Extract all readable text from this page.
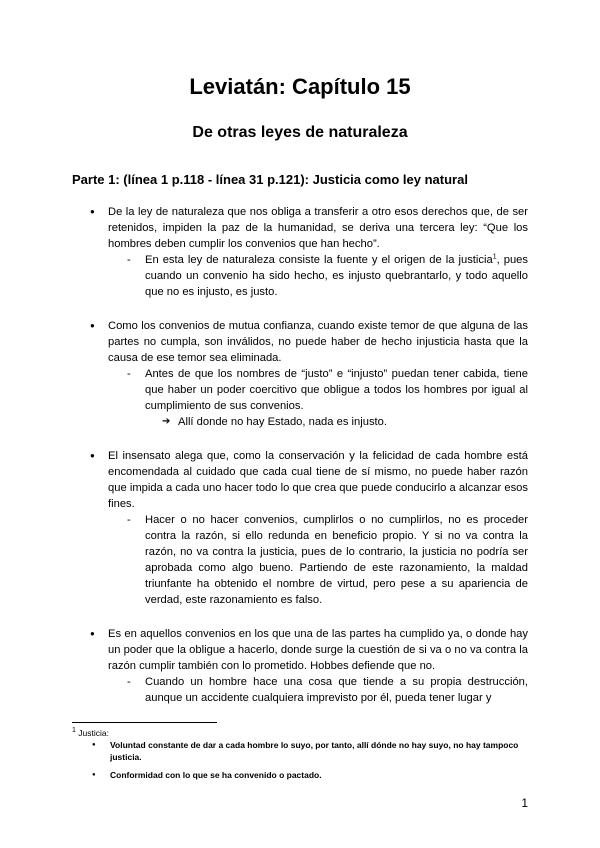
Leviatán: Capítulo 15
De otras leyes de naturaleza
Parte 1: (línea 1 p.118 - línea 31 p.121): Justicia como ley natural
● De la ley de naturaleza que nos obliga a transferir a otro esos derechos que, de ser retenidos, impiden la paz de la humanidad, se deriva una tercera ley: “Que los hombres deben cumplir los convenios que han hecho”.
- En esta ley de naturaleza consiste la fuente y el origen de la justicia$^1$, pues cuando un convenio ha sido hecho, es injusto quebrantarlo, y todo aquello que no es injusto, es justo.
● Como los convenios de mutua confianza, cuando existe temor de que alguna de las partes no cumpla, son inválidos, no puede haber de hecho injusticia hasta que la causa de ese temor sea eliminada.
- Antes de que los nombres de “justo” e “injusto” puedan tener cabida, tiene que haber un poder coercitivo que obligue a todos los hombres por igual al cumplimiento de sus convenios.
➔ Allí donde no hay Estado, nada es injusto.
● El insensato alega que, como la conservación y la felicidad de cada hombre está encomendada al cuidado que cada cual tiene de sí mismo, no puede haber razón que impida a cada uno hacer todo lo que crea que puede conducirlo a alcanzar esos fines.
- Hacer o no hacer convenios, cumplirlos o no cumplirlos, no es proceder contra la razón, si ello redunda en beneficio propio. Y si no va contra la razón, no va contra la justicia, pues de lo contrario, la justicia no podría ser aprobada como algo bueno. Partiendo de este razonamiento, la maldad triunfante ha obtenido el nombre de virtud, pero pese a su apariencia de verdad, este razonamiento es falso.
● Es en aquellos convenios en los que una de las partes ha cumplido ya, o donde hay un poder que la obligue a hacerlo, donde surge la cuestión de si va o no va contra la razón cumplir también con lo prometido. Hobbes defiende que no.
- Cuando un hombre hace una cosa que tiende a su propia destrucción, aunque un accidente cualquiera imprevisto por él, pueda tener lugar y
$^1$ Justicia:
● Voluntad constante de dar a cada hombre lo suyo, por tanto, allí dónde no hay suyo, no hay tampoco justicia.
● Conformidad con lo que se ha convenido o pactado.
1
